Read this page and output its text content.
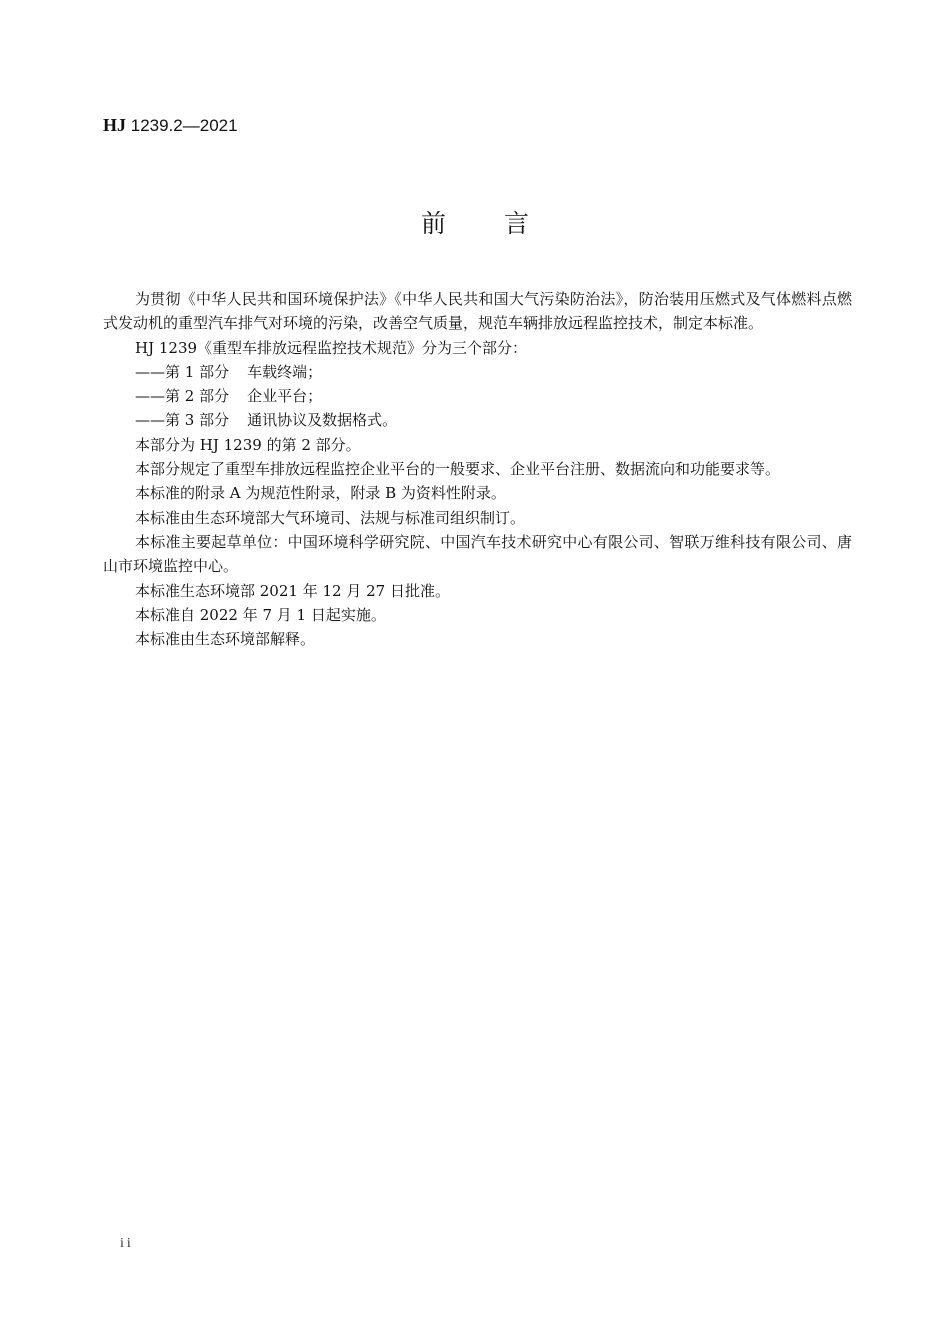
HJ 1239.2—2021
前言

为贯彻《中华人民共和国环境保护法》《中华人民共和国大气污染防治法》，防治装用压燃式及气体燃料点燃式发动机的重型汽车排气对环境的污染，改善空气质量，规范车辆排放远程监控技术，制定本标准。

HJ 1239《重型车排放远程监控技术规范》分为三个部分：

——第 1 部分 车载终端；

——第 2 部分 企业平台；

——第 3 部分 通讯协议及数据格式。

本部分为 HJ 1239 的第 2 部分。

本部分规定了重型车排放远程监控企业平台的一般要求、企业平台注册、数据流向和功能要求等。

本标准的附录 A 为规范性附录，附录 B 为资料性附录。

本标准由生态环境部大气环境司、法规与标准司组织制订。

本标准主要起草单位：中国环境科学研究院、中国汽车技术研究中心有限公司、智联万维科技有限公司、唐山市环境监控中心。

本标准生态环境部 2021 年 12 月 27 日批准。

本标准自 2022 年 7 月 1 日起实施。

本标准由生态环境部解释。

ii
